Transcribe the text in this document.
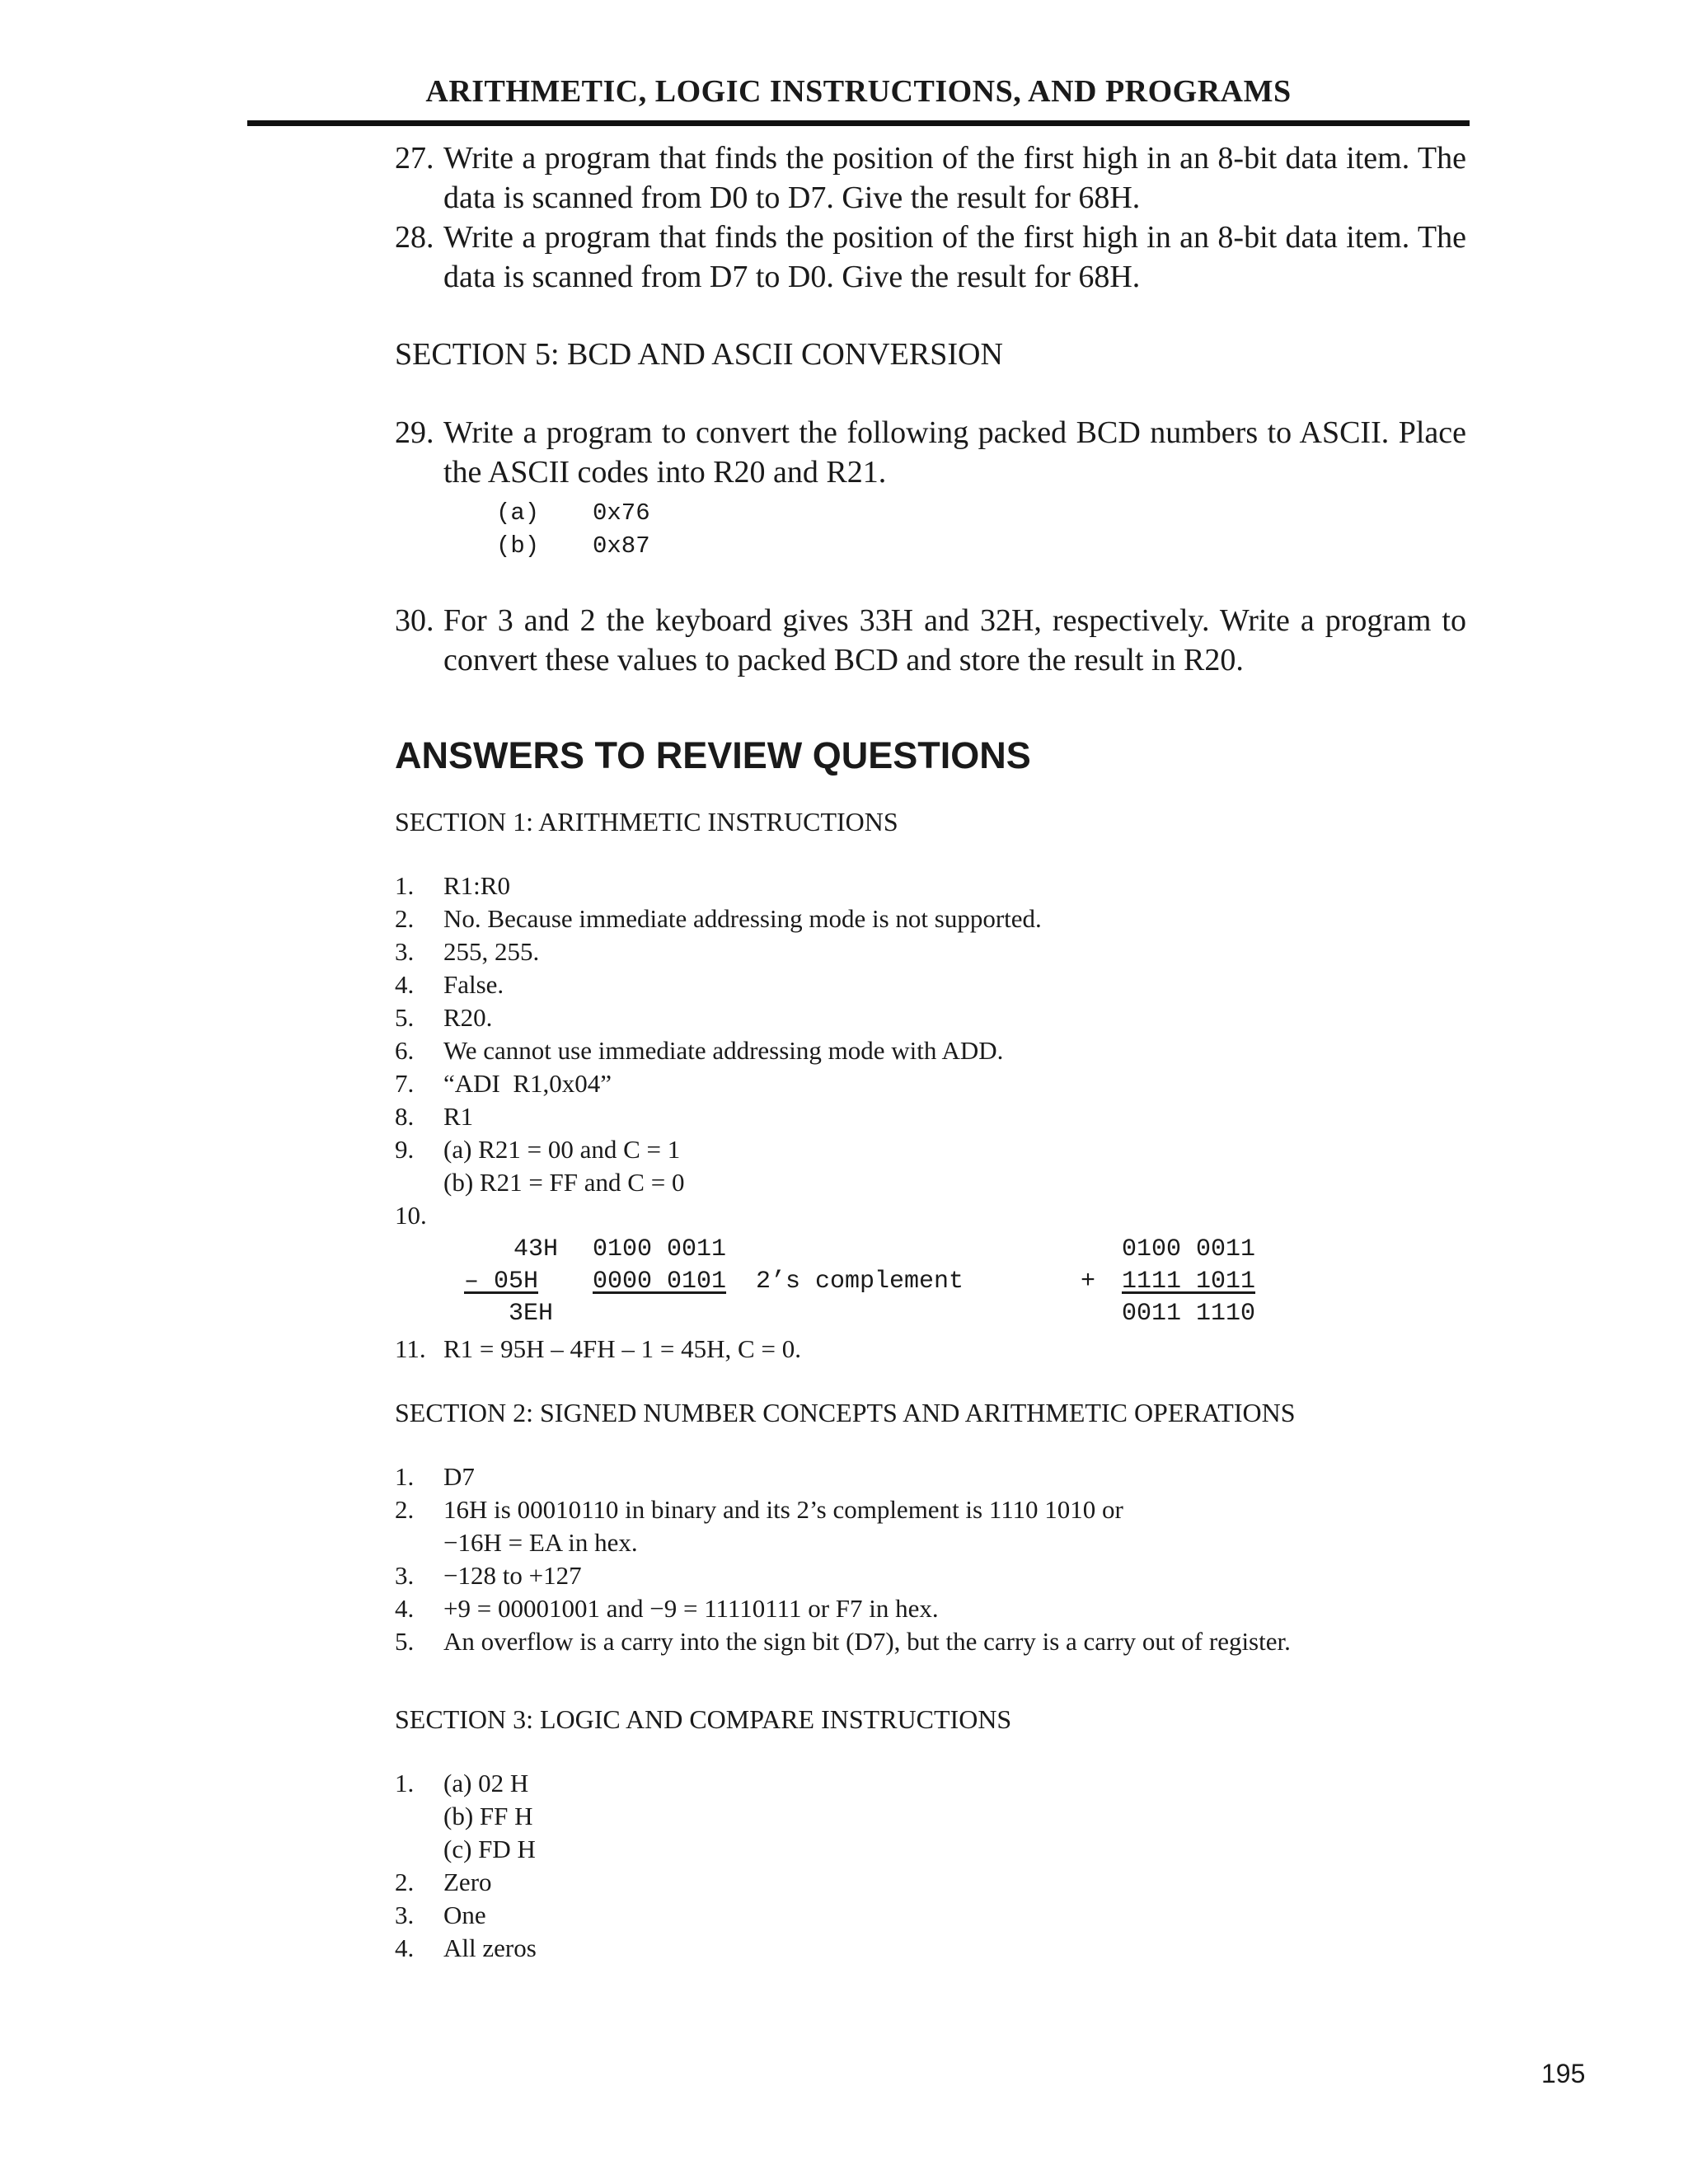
ARITHMETIC, LOGIC INSTRUCTIONS, AND PROGRAMS
27. Write a program that finds the position of the first high in an 8-bit data item. The data is scanned from D0 to D7. Give the result for 68H.
28. Write a program that finds the position of the first high in an 8-bit data item. The data is scanned from D7 to D0. Give the result for 68H.
SECTION 5: BCD AND ASCII CONVERSION
29. Write a program to convert the following packed BCD numbers to ASCII. Place the ASCII codes into R20 and R21.
(a) 0x76
(b) 0x87
30. For 3 and 2 the keyboard gives 33H and 32H, respectively. Write a program to convert these values to packed BCD and store the result in R20.
ANSWERS TO REVIEW QUESTIONS
SECTION 1: ARITHMETIC INSTRUCTIONS
1. R1:R0
2. No. Because immediate addressing mode is not supported.
3. 255, 255.
4. False.
5. R20.
6. We cannot use immediate addressing mode with ADD.
7. “ADI  R1,0x04”
8. R1
9. (a) R21 = 00 and C = 1
(b) R21 = FF and C = 0
10.

43H 0100 0011
– 05H 0000 0101 2’s complement
3EH
0100 0011
+ 1111 1011
0011 1110
11. R1 = 95H – 4FH – 1 = 45H, C = 0.
SECTION 2: SIGNED NUMBER CONCEPTS AND ARITHMETIC OPERATIONS
1. D7
2. 16H is 00010110 in binary and its 2’s complement is 1110 1010 or
−16H = EA in hex.
3. −128 to +127
4. +9 = 00001001 and −9 = 11110111 or F7 in hex.
5. An overflow is a carry into the sign bit (D7), but the carry is a carry out of register.
SECTION 3: LOGIC AND COMPARE INSTRUCTIONS
1. (a) 02 H
(b) FF H
(c) FD H
2. Zero
3. One
4. All zeros
195
